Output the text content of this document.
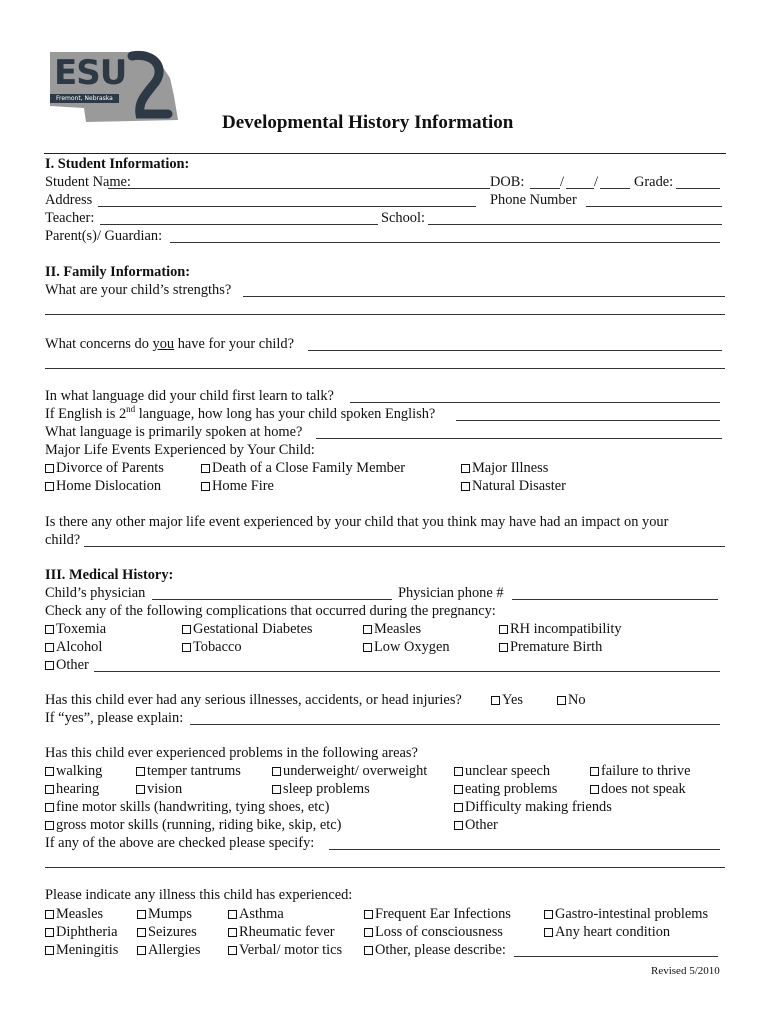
ESU
Fremont, Nebraska
Developmental History Information
I. Student Information:
Student Name:	DOB: / /	Grade:
Address	Phone Number
Teacher:	School:
Parent(s)/ Guardian:
II. Family Information:
What are your child’s strengths?
What concerns do you have for your child?
In what language did your child first learn to talk?
If English is 2nd language, how long has your child spoken English?
What language is primarily spoken at home?
Major Life Events Experienced by Your Child:
Divorce of Parents	Death of a Close Family Member	Major Illness
Home Dislocation	Home Fire	Natural Disaster
Is there any other major life event experienced by your child that you think may have had an impact on your
child?
III. Medical History:
Child’s physician	Physician phone #
Check any of the following complications that occurred during the pregnancy:
Toxemia	Gestational Diabetes	Measles	RH incompatibility
Alcohol	Tobacco	Low Oxygen	Premature Birth
Other
Has this child ever had any serious illnesses, accidents, or head injuries?	Yes	No
If “yes”, please explain:
Has this child ever experienced problems in the following areas?
walking	temper tantrums	underweight/ overweight	unclear speech	failure to thrive
hearing	vision	sleep problems	eating problems	does not speak
fine motor skills (handwriting, tying shoes, etc)	Difficulty making friends
gross motor skills (running, riding bike, skip, etc)	Other
If any of the above are checked please specify:
Please indicate any illness this child has experienced:
Measles	Mumps	Asthma	Frequent Ear Infections	Gastro-intestinal problems
Diphtheria	Seizures	Rheumatic fever	Loss of consciousness	Any heart condition
Meningitis	Allergies	Verbal/ motor tics	Other, please describe:
Revised 5/2010
